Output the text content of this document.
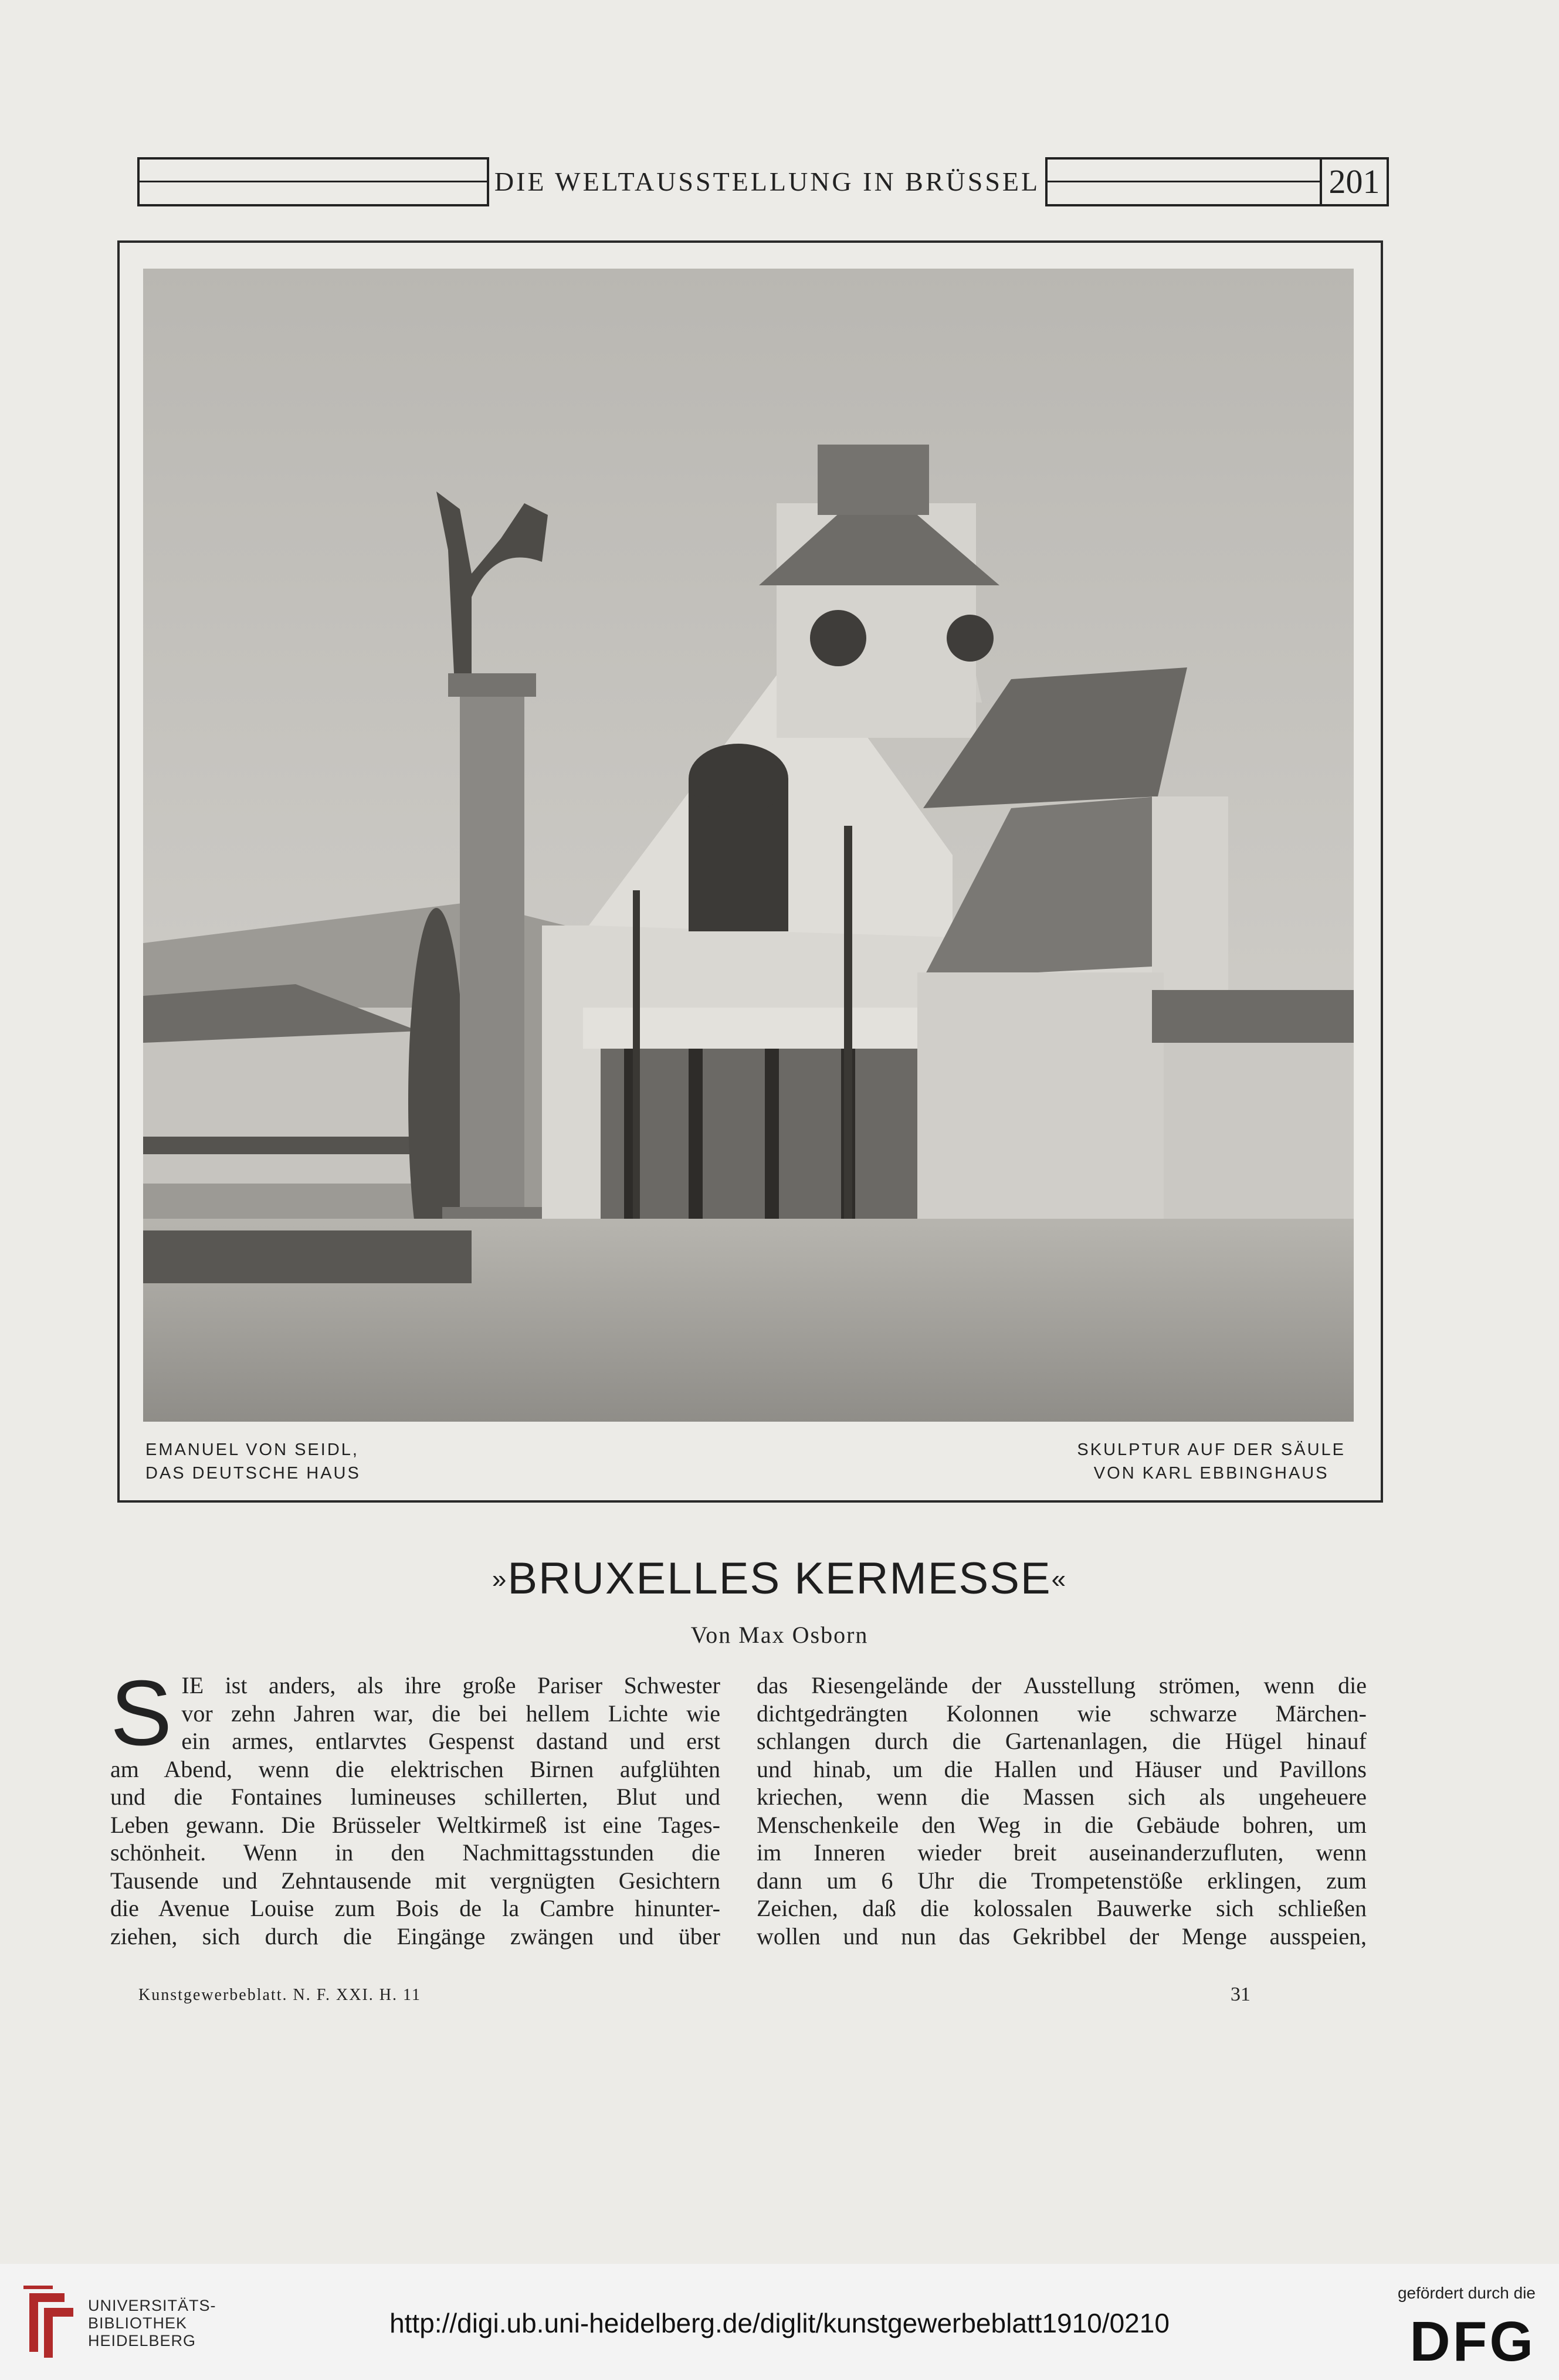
DIE WELTAUSSTELLUNG IN BRÜSSEL	201
EMANUEL VON SEIDL,
DAS DEUTSCHE HAUS
SKULPTUR AUF DER SÄULE
VON KARL EBBINGHAUS
»BRUXELLES KERMESSE«
Von Max Osborn
S IE ist anders, als ihre große Pariser Schwester

vor zehn Jahren war, die bei hellem Lichte wie

ein armes, entlarvtes Gespenst dastand und erst

am Abend, wenn die elektrischen Birnen aufglühten

und die Fontaines lumineuses schillerten, Blut und

Leben gewann. Die Brüsseler Weltkirmeß ist eine Tages-

schönheit. Wenn in den Nachmittagsstunden die

Tausende und Zehntausende mit vergnügten Gesichtern

die Avenue Louise zum Bois de la Cambre hinunter-

ziehen, sich durch die Eingänge zwängen und über

das Riesengelände der Ausstellung strömen, wenn die

dichtgedrängten Kolonnen wie schwarze Märchen-

schlangen durch die Gartenanlagen, die Hügel hinauf

und hinab, um die Hallen und Häuser und Pavillons

kriechen, wenn die Massen sich als ungeheuere

Menschenkeile den Weg in die Gebäude bohren, um

im Inneren wieder breit auseinanderzufluten, wenn

dann um 6 Uhr die Trompetenstöße erklingen, zum

Zeichen, daß die kolossalen Bauwerke sich schließen

wollen und nun das Gekribbel der Menge ausspeien,

Kunstgewerbeblatt. N. F. XXI. H. 11	31
UNIVERSITÄTS-
BIBLIOTHEK
HEIDELBERG
http://digi.ub.uni-heidelberg.de/diglit/kunstgewerbeblatt1910/0210
gefördert durch die
DFG
